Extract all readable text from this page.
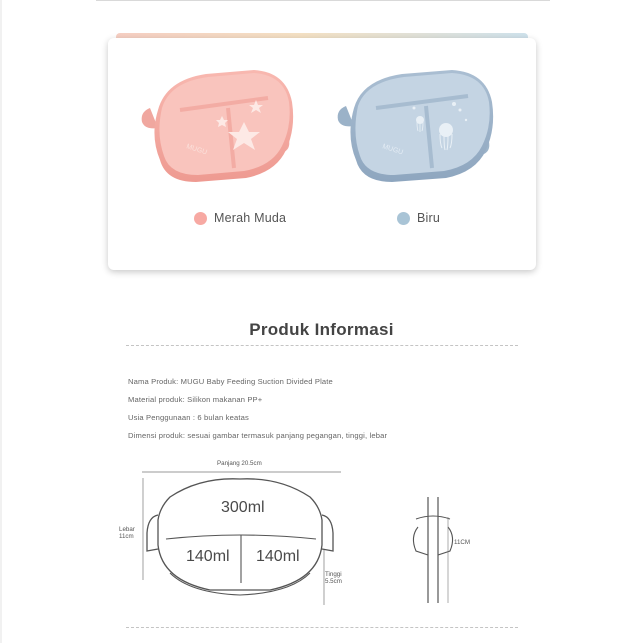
MUGU	MUGU
Merah Muda	Biru
Produk Informasi
Nama Produk: MUGU Baby Feeding Suction Divided Plate
Material produk: Silikon makanan PP+
Usia Penggunaan : 6 bulan keatas
Dimensi produk: sesuai gambar termasuk panjang pegangan, tinggi, lebar
Panjang 20.5cm
Lebar
11cm
Tinggi
5.5cm
11CM
300ml
140ml 140ml
